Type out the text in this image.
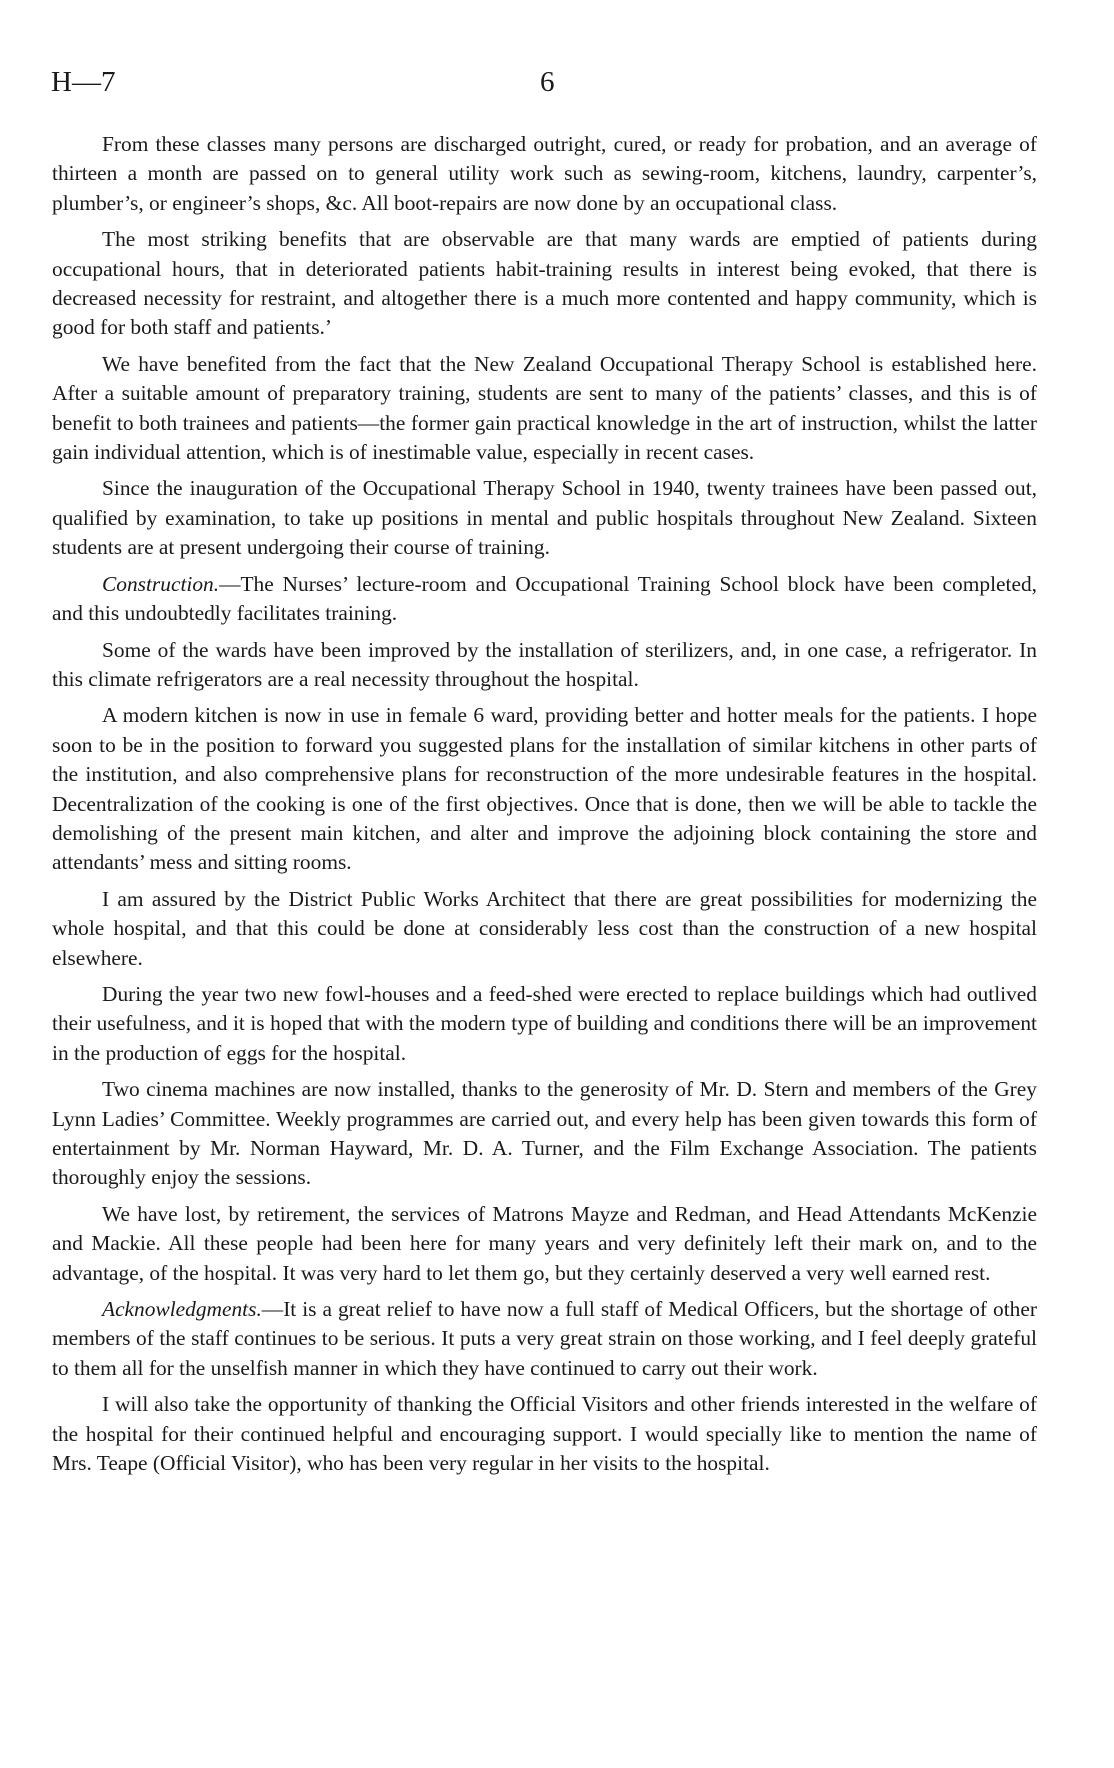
H—7	6

From these classes many persons are discharged outright, cured, or ready for probation, and an average of thirteen a month are passed on to general utility work such as sewing-room, kitchens, laundry, carpenter’s, plumber’s, or engineer’s shops, &c. All boot-repairs are now done by an occupational class.

The most striking benefits that are observable are that many wards are emptied of patients during occupational hours, that in deteriorated patients habit-training results in interest being evoked, that there is decreased necessity for restraint, and altogether there is a much more contented and happy community, which is good for both staff and patients.’

We have benefited from the fact that the New Zealand Occupational Therapy School is established here. After a suitable amount of preparatory training, students are sent to many of the patients’ classes, and this is of benefit to both trainees and patients—the former gain practical knowledge in the art of instruction, whilst the latter gain individual attention, which is of inestimable value, especially in recent cases.

Since the inauguration of the Occupational Therapy School in 1940, twenty trainees have been passed out, qualified by examination, to take up positions in mental and public hospitals throughout New Zealand. Sixteen students are at present undergoing their course of training.

Construction.—The Nurses’ lecture-room and Occupational Training School block have been completed, and this undoubtedly facilitates training.

Some of the wards have been improved by the installation of sterilizers, and, in one case, a refrigerator. In this climate refrigerators are a real necessity throughout the hospital.

A modern kitchen is now in use in female 6 ward, providing better and hotter meals for the patients. I hope soon to be in the position to forward you suggested plans for the installation of similar kitchens in other parts of the institution, and also comprehensive plans for reconstruction of the more undesirable features in the hospital. Decentralization of the cooking is one of the first objectives. Once that is done, then we will be able to tackle the demolishing of the present main kitchen, and alter and improve the adjoining block containing the store and attendants’ mess and sitting rooms.

I am assured by the District Public Works Architect that there are great possibilities for modernizing the whole hospital, and that this could be done at considerably less cost than the construction of a new hospital elsewhere.

During the year two new fowl-houses and a feed-shed were erected to replace buildings which had outlived their usefulness, and it is hoped that with the modern type of building and conditions there will be an improvement in the production of eggs for the hospital.

Two cinema machines are now installed, thanks to the generosity of Mr. D. Stern and members of the Grey Lynn Ladies’ Committee. Weekly programmes are carried out, and every help has been given towards this form of entertainment by Mr. Norman Hayward, Mr. D. A. Turner, and the Film Exchange Association. The patients thoroughly enjoy the sessions.

We have lost, by retirement, the services of Matrons Mayze and Redman, and Head Attendants McKenzie and Mackie. All these people had been here for many years and very definitely left their mark on, and to the advantage, of the hospital. It was very hard to let them go, but they certainly deserved a very well earned rest.

Acknowledgments.—It is a great relief to have now a full staff of Medical Officers, but the shortage of other members of the staff continues to be serious. It puts a very great strain on those working, and I feel deeply grateful to them all for the unselfish manner in which they have continued to carry out their work.

I will also take the opportunity of thanking the Official Visitors and other friends interested in the welfare of the hospital for their continued helpful and encouraging support. I would specially like to mention the name of Mrs. Teape (Official Visitor), who has been very regular in her visits to the hospital.
